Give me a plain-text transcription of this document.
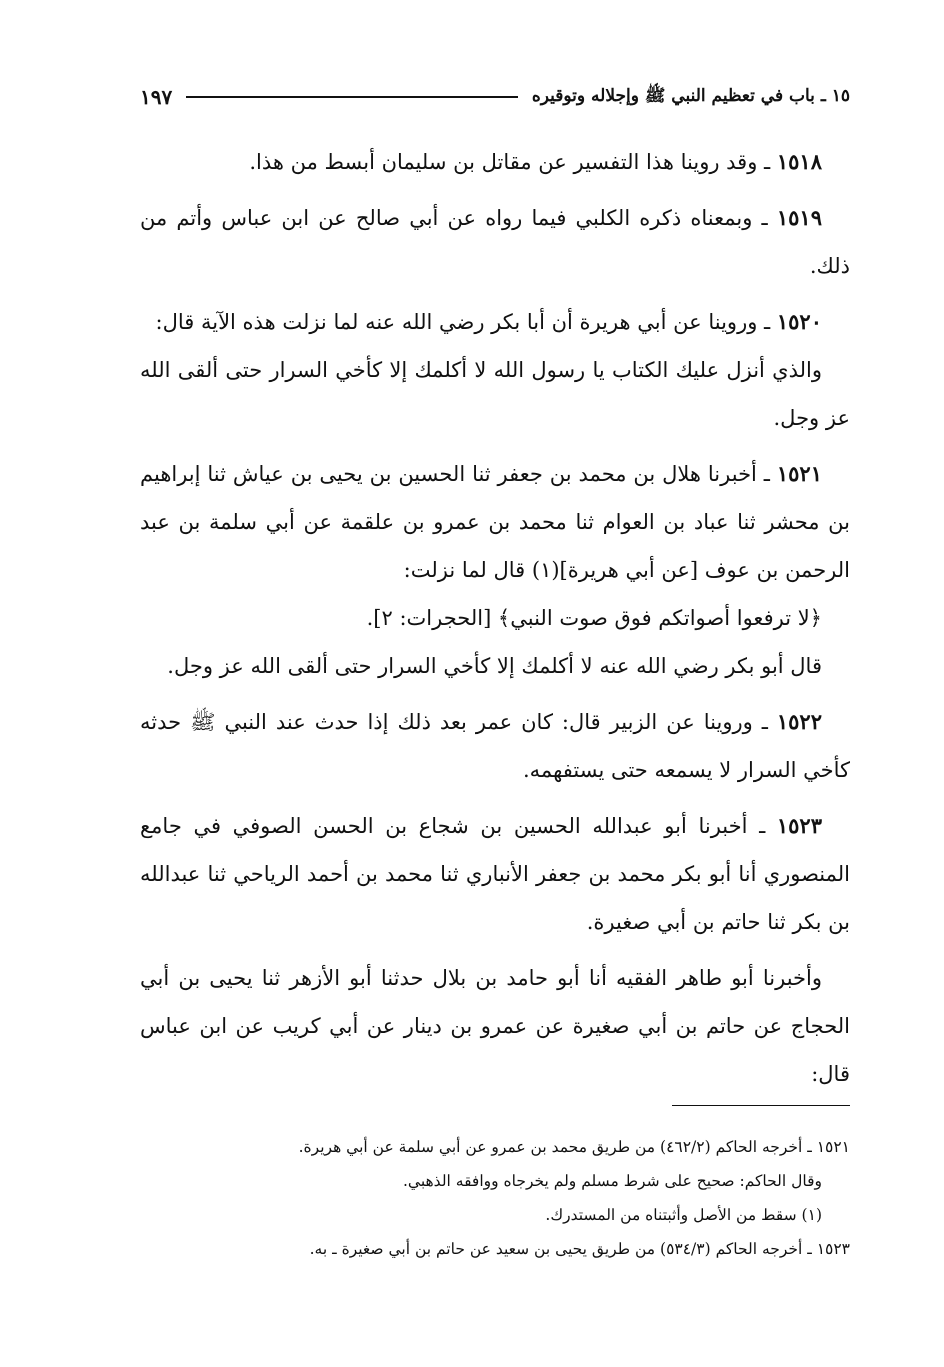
١٥ ـ باب في تعظيم النبي ﷺ وإجلاله وتوقيره
١٩٧

١٥١٨ ـ وقد روينا هذا التفسير عن مقاتل بن سليمان أبسط من هذا.

١٥١٩ ـ وبمعناه ذكره الكلبي فيما رواه عن أبي صالح عن ابن عباس وأتم من ذلك.

١٥٢٠ ـ وروينا عن أبي هريرة أن أبا بكر رضي الله عنه لما نزلت هذه الآية قال:

والذي أنزل عليك الكتاب يا رسول الله لا أكلمك إلا كأخي السرار حتى ألقى الله عز وجل.

١٥٢١ ـ أخبرنا هلال بن محمد بن جعفر ثنا الحسين بن يحيى بن عياش ثنا إبراهيم بن محشر ثنا عباد بن العوام ثنا محمد بن عمرو بن علقمة عن أبي سلمة بن عبد الرحمن بن عوف [عن أبي هريرة](١) قال لما نزلت:

﴿لا ترفعوا أصواتكم فوق صوت النبي﴾ [الحجرات: ٢].

قال أبو بكر رضي الله عنه لا أكلمك إلا كأخي السرار حتى ألقى الله عز وجل.

١٥٢٢ ـ وروينا عن الزبير قال: كان عمر بعد ذلك إذا حدث عند النبي ﷺ حدثه كأخي السرار لا يسمعه حتى يستفهمه.

١٥٢٣ ـ أخبرنا أبو عبدالله الحسين بن شجاع بن الحسن الصوفي في جامع المنصوري أنا أبو بكر محمد بن جعفر الأنباري ثنا محمد بن أحمد الرياحي ثنا عبدالله بن بكر ثنا حاتم بن أبي صغيرة.

وأخبرنا أبو طاهر الفقيه أنا أبو حامد بن بلال حدثنا أبو الأزهر ثنا يحيى بن أبي الحجاج عن حاتم بن أبي صغيرة عن عمرو بن دينار عن أبي كريب عن ابن عباس قال:

١٥٢١ ـ أخرجه الحاكم (٤٦٢/٢) من طريق محمد بن عمرو عن أبي سلمة عن أبي هريرة.

وقال الحاكم: صحيح على شرط مسلم ولم يخرجاه ووافقه الذهبي.

(١) سقط من الأصل وأثبتناه من المستدرك.

١٥٢٣ ـ أخرجه الحاكم (٥٣٤/٣) من طريق يحيى بن سعيد عن حاتم بن أبي صغيرة ـ به.
